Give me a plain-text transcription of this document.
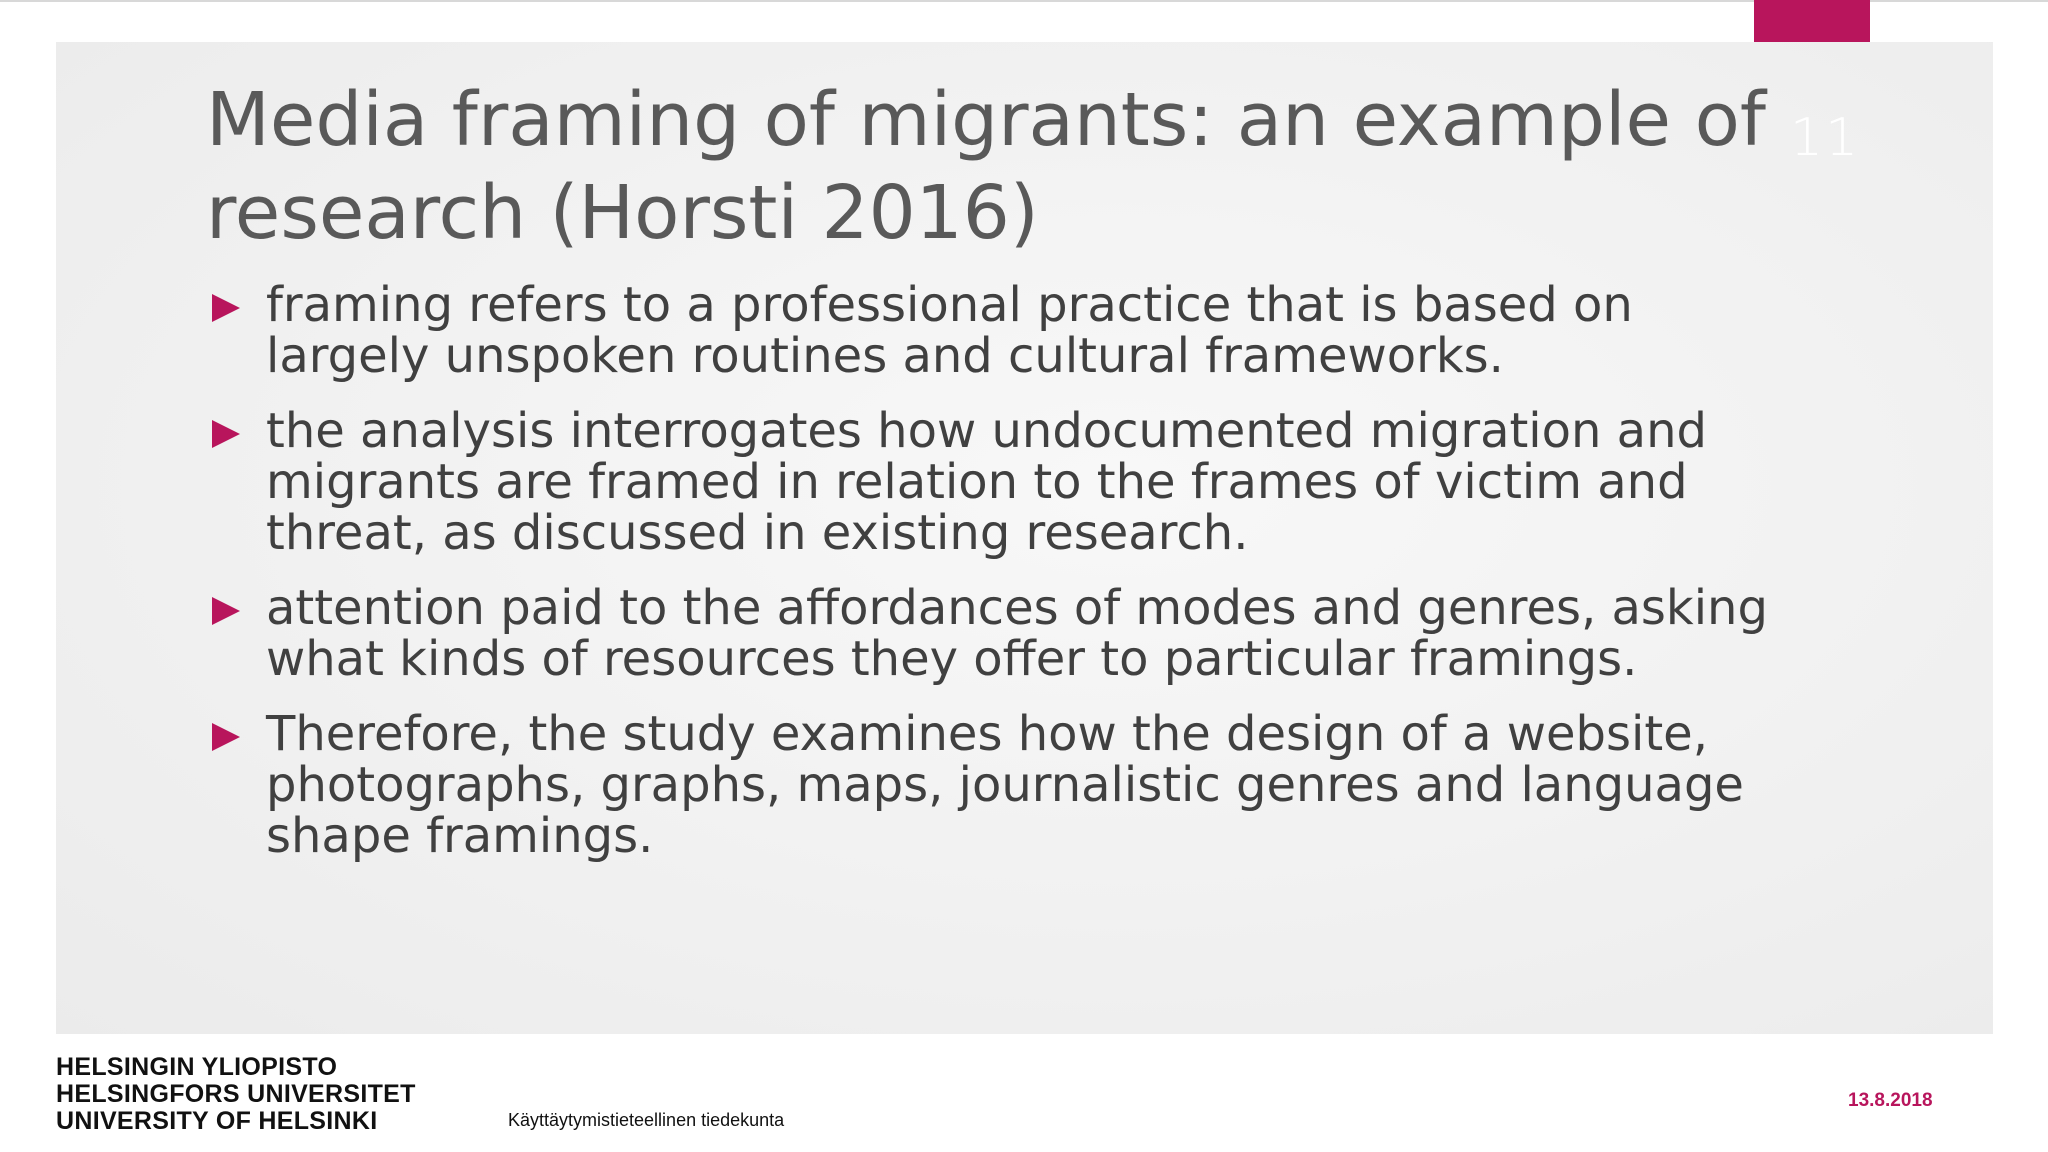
11
Media framing of migrants: an example of research (Horsti 2016)
framing refers to a professional practice that is based on largely unspoken routines and cultural frameworks.
the analysis interrogates how undocumented migration and migrants are framed in relation to the frames of victim and threat, as discussed in existing research.
attention paid to the affordances of modes and genres, asking what kinds of resources they offer to particular framings.
Therefore, the study examines how the design of a website, photographs, graphs, maps, journalistic genres and language shape framings.
HELSINGIN YLIOPISTO
HELSINGFORS UNIVERSITET
UNIVERSITY OF HELSINKI	Käyttäytymistieteellinen tiedekunta
13.8.2018
